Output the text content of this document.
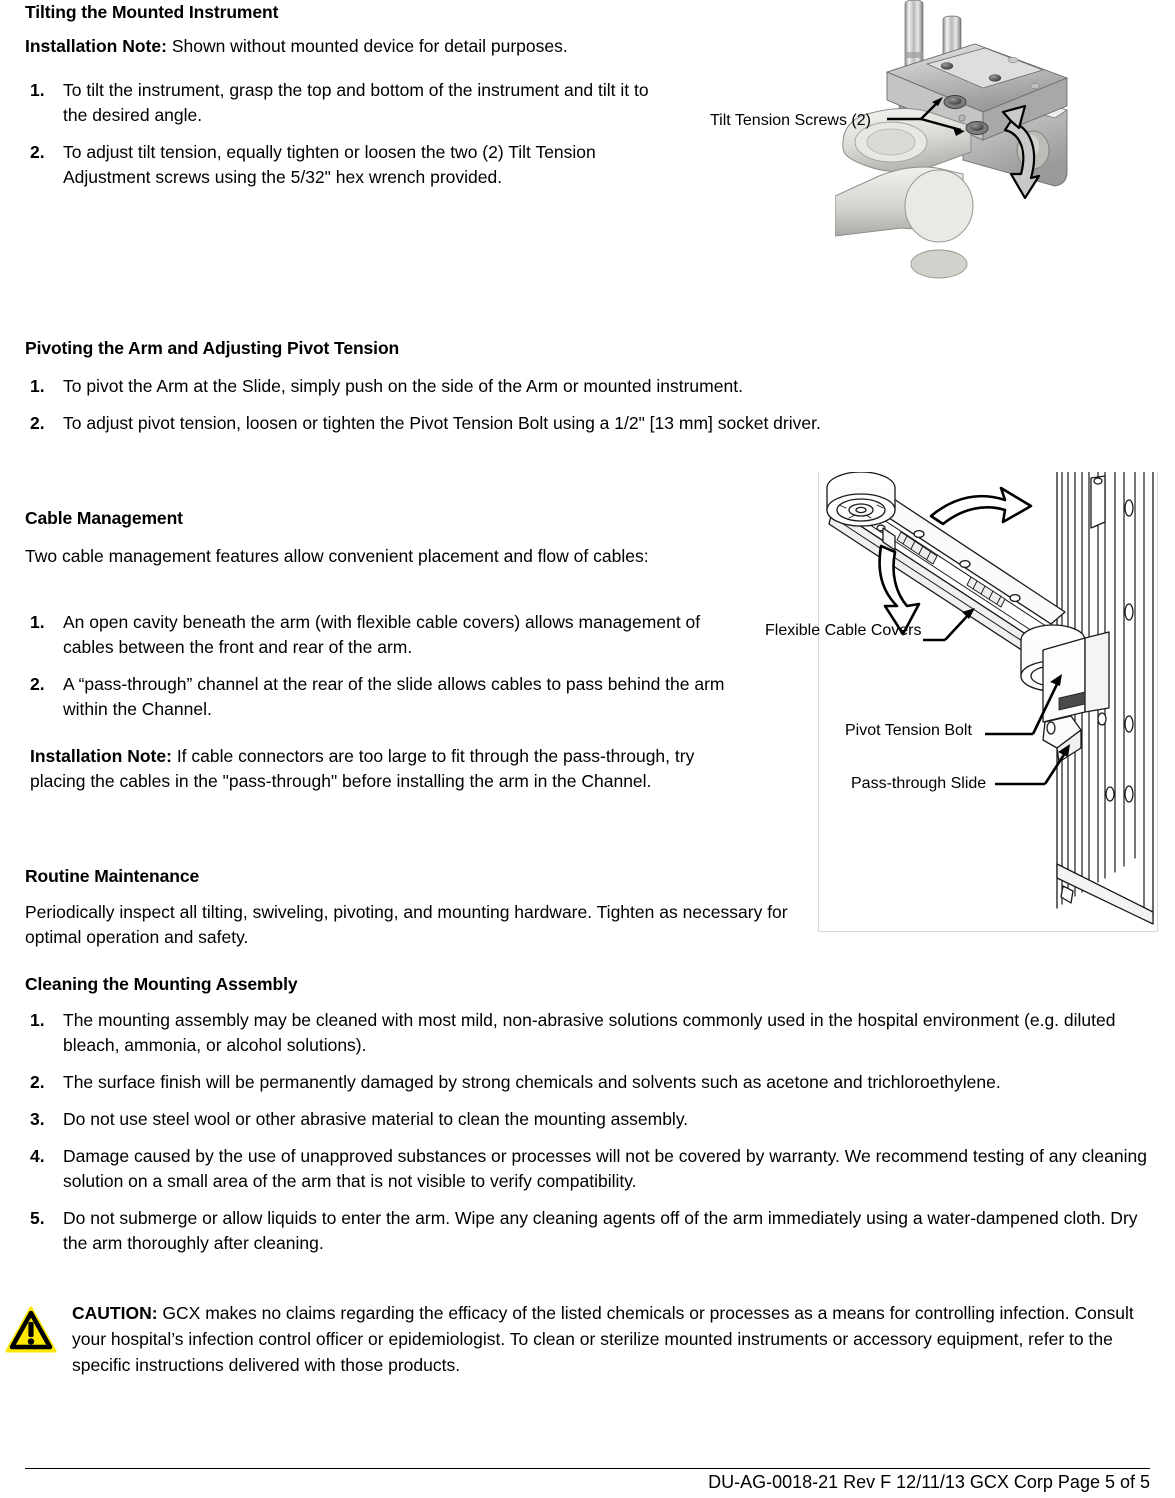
Tilting the Mounted Instrument
Installation Note: Shown without mounted device for detail purposes.
1. To tilt the instrument, grasp the top and bottom of the instrument and tilt it to the desired angle.
2. To adjust tilt tension, equally tighten or loosen the two (2) Tilt Tension Adjustment screws using the 5/32" hex wrench provided.
Tilt Tension Screws (2)
Pivoting the Arm and Adjusting Pivot Tension
1. To pivot the Arm at the Slide, simply push on the side of the Arm or mounted instrument.
2. To adjust pivot tension, loosen or tighten the Pivot Tension Bolt using a 1/2" [13 mm] socket driver.
Cable Management
Two cable management features allow convenient placement and flow of cables:
1. An open cavity beneath the arm (with flexible cable covers) allows management of cables between the front and rear of the arm.
2. A “pass-through” channel at the rear of the slide allows cables to pass behind the arm within the Channel.
Installation Note: If cable connectors are too large to fit through the pass-through, try placing the cables in the "pass-through" before installing the arm in the Channel.
Flexible Cable Covers
Pivot Tension Bolt
Pass-through Slide
Routine Maintenance
Periodically inspect all tilting, swiveling, pivoting, and mounting hardware. Tighten as necessary for optimal operation and safety.
Cleaning the Mounting Assembly
1. The mounting assembly may be cleaned with most mild, non-abrasive solutions commonly used in the hospital environment (e.g. diluted bleach, ammonia, or alcohol solutions).
2. The surface finish will be permanently damaged by strong chemicals and solvents such as acetone and trichloroethylene.
3. Do not use steel wool or other abrasive material to clean the mounting assembly.
4. Damage caused by the use of unapproved substances or processes will not be covered by warranty. We recommend testing of any cleaning solution on a small area of the arm that is not visible to verify compatibility.
5. Do not submerge or allow liquids to enter the arm. Wipe any cleaning agents off of the arm immediately using a water-dampened cloth. Dry the arm thoroughly after cleaning.
CAUTION: GCX makes no claims regarding the efficacy of the listed chemicals or processes as a means for controlling infection. Consult your hospital’s infection control officer or epidemiologist. To clean or sterilize mounted instruments or accessory equipment, refer to the specific instructions delivered with those products.
DU-AG-0018-21 Rev F 12/11/13 GCX Corp Page 5 of 5
